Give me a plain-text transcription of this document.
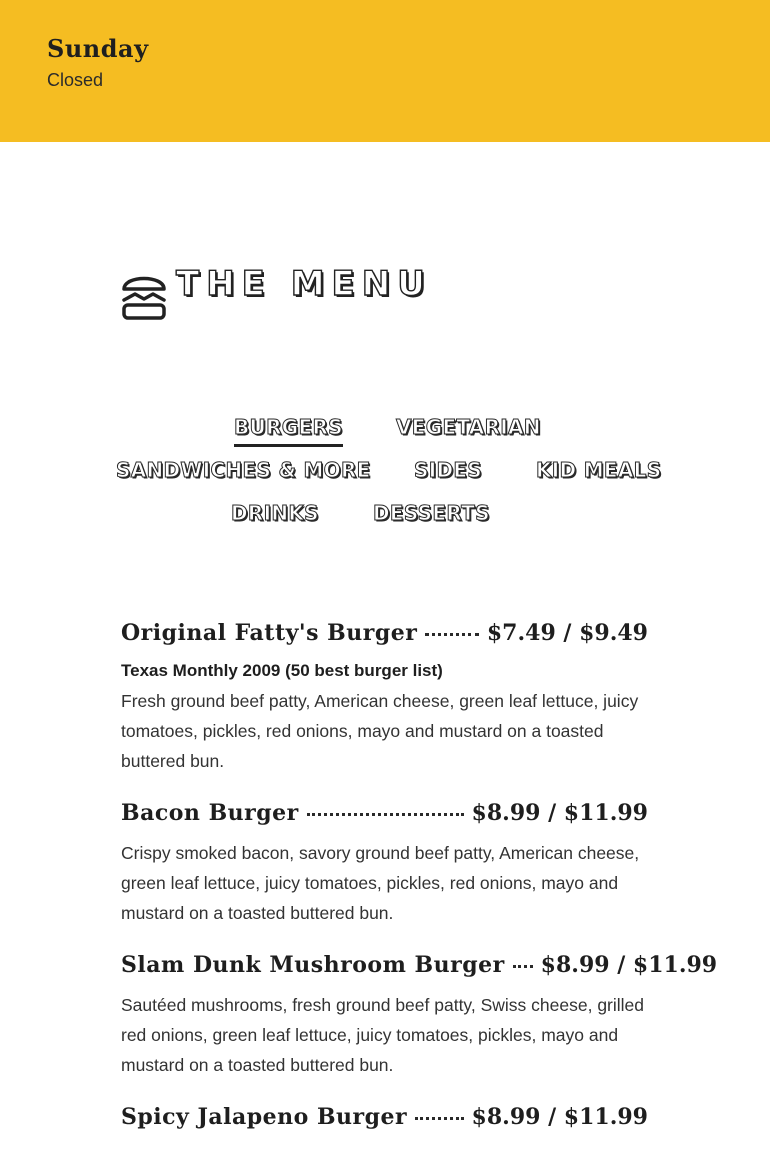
Sunday
Closed
THE MENU
BURGERS	VEGETARIAN
SANDWICHES & MORE SIDES	KID MEALS
DRINKS	DESSERTS
Original Fatty's Burger	$7.49 / $9.49
Texas Monthly 2009 (50 best burger list)
Fresh ground beef patty, American cheese, green leaf lettuce, juicy tomatoes, pickles, red onions, mayo and mustard on a toasted buttered bun.
Bacon Burger	$8.99 / $11.99
Crispy smoked bacon, savory ground beef patty, American cheese, green leaf lettuce, juicy tomatoes, pickles, red onions, mayo and mustard on a toasted buttered bun.
Slam Dunk Mushroom Burger $8.99 / $11.99
Sautéed mushrooms, fresh ground beef patty, Swiss cheese, grilled red onions, green leaf lettuce, juicy tomatoes, pickles, mayo and mustard on a toasted buttered bun.
Spicy Jalapeno Burger	$8.99 / $11.99
